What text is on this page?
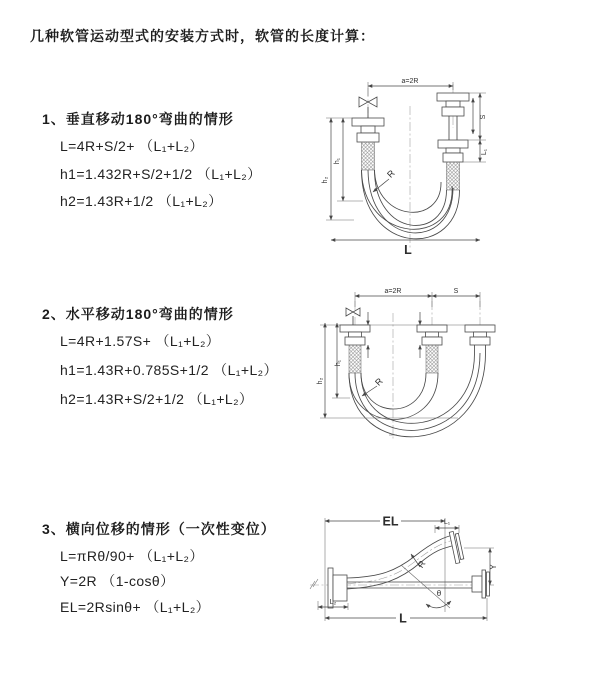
几种软管运动型式的安装方式时，软管的长度计算：
1、垂直移动180°弯曲的情形
L=4R+S/2+ （L₁+L₂）
h1=1.432R+S/2+1/2 （L₁+L₂）
h2=1.43R+1/2 （L₁+L₂）
2、水平移动180°弯曲的情形
L=4R+1.57S+ （L₁+L₂）
h1=1.43R+0.785S+1/2 （L₁+L₂）
h2=1.43R+S/2+1/2 （L₁+L₂）
3、横向位移的情形（一次性变位）
L=πRθ/90+ （L₁+L₂）
Y=2R （1-cosθ）
EL=2Rsinθ+ （L₁+L₂）
a=2R
h₁
h₂
S
L₁
R
L
a=2R	S
h₁
h₂	R
EL	L₁
R
θ
Y
L₂
L
